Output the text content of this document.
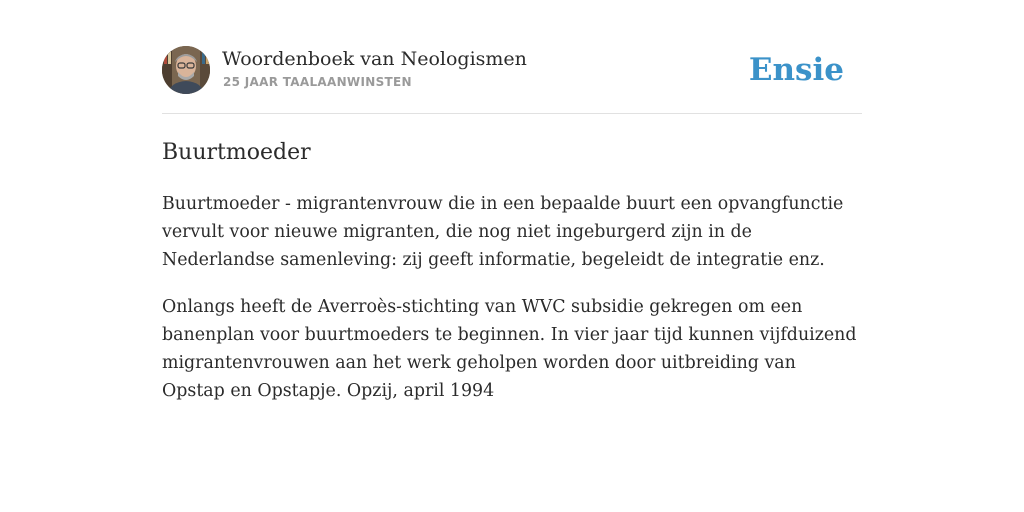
Woordenboek van Neologismen
25 JAAR TAALAANWINSTEN	Ensie
Buurtmoeder

Buurtmoeder - migrantenvrouw die in een bepaalde buurt een opvangfunctie vervult voor nieuwe migranten, die nog niet ingeburgerd zijn in de Nederlandse samenleving: zij geeft informatie, begeleidt de integratie enz.

Onlangs heeft de Averroès-stichting van WVC subsidie gekregen om een banenplan voor buurtmoeders te beginnen. In vier jaar tijd kunnen vijfduizend migrantenvrouwen aan het werk geholpen worden door uitbreiding van Opstap en Opstapje. Opzij, april 1994
